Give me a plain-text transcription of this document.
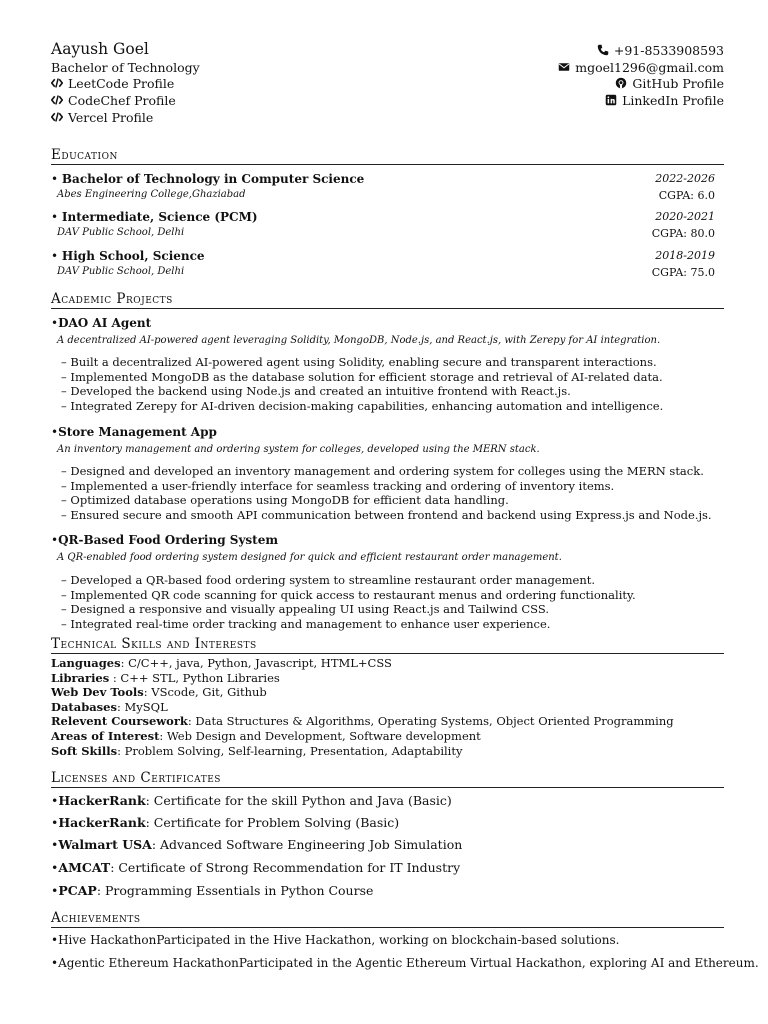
Aayush Goel
Bachelor of Technology
LeetCode Profile
CodeChef Profile
Vercel Profile
+91-8533908593
mgoel1296@gmail.com
GitHub Profile
LinkedIn Profile
Education
• Bachelor of Technology in Computer Science	2022-2026
Abes Engineering College,Ghaziabad	CGPA: 6.0
• Intermediate, Science (PCM)	2020-2021
DAV Public School, Delhi	CGPA: 80.0
• High School, Science	2018-2019
DAV Public School, Delhi	CGPA: 75.0
Academic Projects
•DAO AI Agent
A decentralized AI-powered agent leveraging Solidity, MongoDB, Node.js, and React.js, with Zerepy for AI integration.
– Built a decentralized AI-powered agent using Solidity, enabling secure and transparent interactions.
– Implemented MongoDB as the database solution for efficient storage and retrieval of AI-related data.
– Developed the backend using Node.js and created an intuitive frontend with React.js.
– Integrated Zerepy for AI-driven decision-making capabilities, enhancing automation and intelligence.
•Store Management App
An inventory management and ordering system for colleges, developed using the MERN stack.
– Designed and developed an inventory management and ordering system for colleges using the MERN stack.
– Implemented a user-friendly interface for seamless tracking and ordering of inventory items.
– Optimized database operations using MongoDB for efficient data handling.
– Ensured secure and smooth API communication between frontend and backend using Express.js and Node.js.
•QR-Based Food Ordering System
A QR-enabled food ordering system designed for quick and efficient restaurant order management.
– Developed a QR-based food ordering system to streamline restaurant order management.
– Implemented QR code scanning for quick access to restaurant menus and ordering functionality.
– Designed a responsive and visually appealing UI using React.js and Tailwind CSS.
– Integrated real-time order tracking and management to enhance user experience.
Technical Skills and Interests
Languages: C/C++, java, Python, Javascript, HTML+CSS
Libraries : C++ STL, Python Libraries
Web Dev Tools: VScode, Git, Github
Databases: MySQL
Relevent Coursework: Data Structures & Algorithms, Operating Systems, Object Oriented Programming
Areas of Interest: Web Design and Development, Software development
Soft Skills: Problem Solving, Self-learning, Presentation, Adaptability
Licenses and Certificates
•HackerRank: Certificate for the skill Python and Java (Basic)
•HackerRank: Certificate for Problem Solving (Basic)
•Walmart USA: Advanced Software Engineering Job Simulation
•AMCAT: Certificate of Strong Recommendation for IT Industry
•PCAP: Programming Essentials in Python Course
Achievements
•Hive HackathonParticipated in the Hive Hackathon, working on blockchain-based solutions.
•Agentic Ethereum HackathonParticipated in the Agentic Ethereum Virtual Hackathon, exploring AI and Ethereum.
